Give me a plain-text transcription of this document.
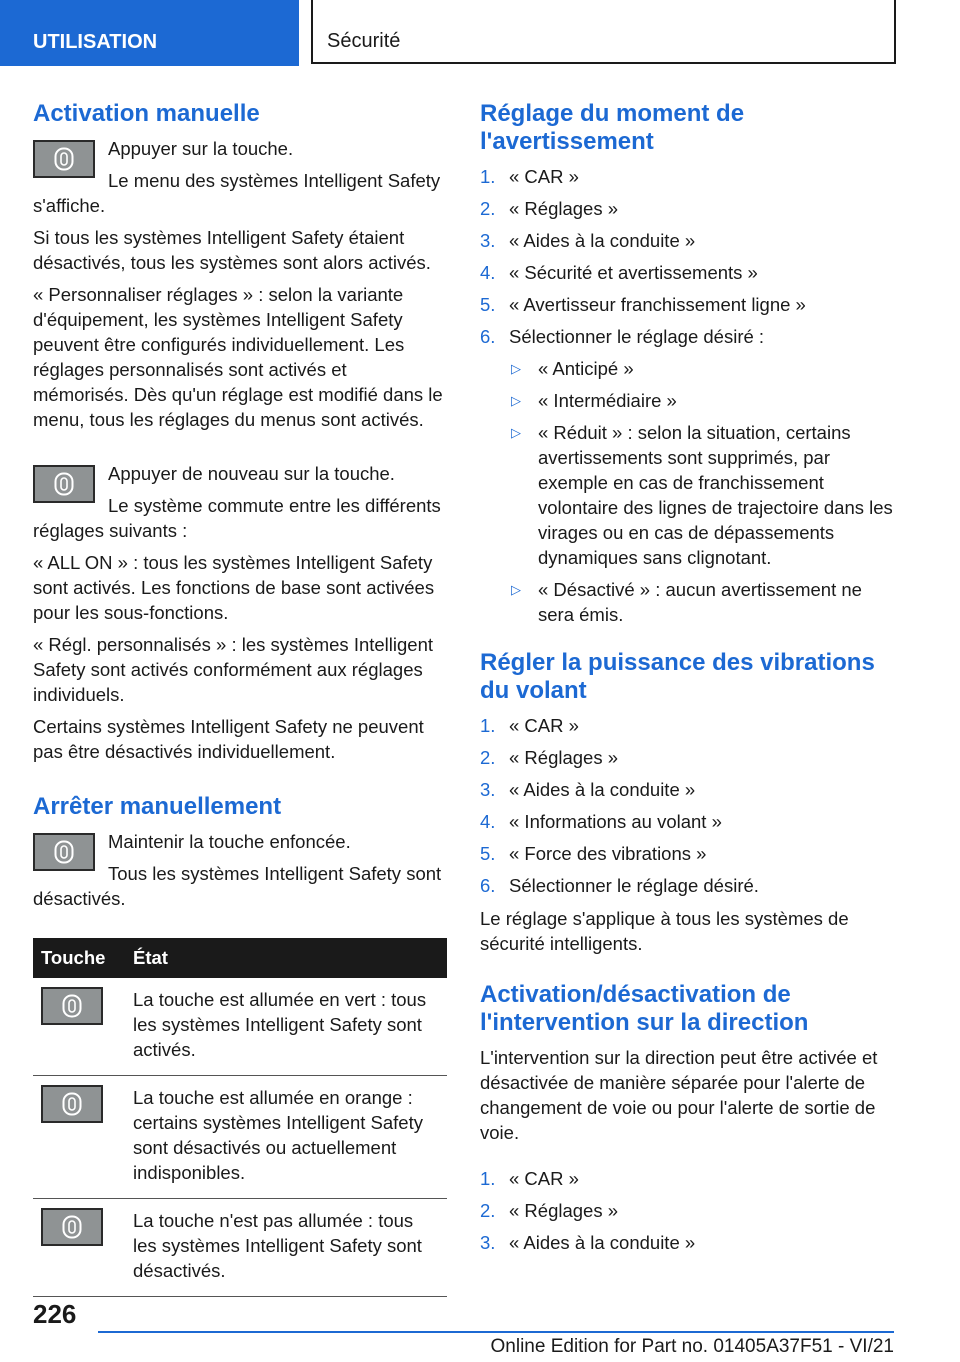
UTILISATION	Sécurité
Activation manuelle

Appuyer sur la touche.

Le menu des systèmes Intelligent Safety s'affiche.

Si tous les systèmes Intelligent Safety étaient désactivés, tous les systèmes sont alors activés.

« Personnaliser réglages » : selon la variante d'équipement, les systèmes Intelligent Safety peuvent être configurés individuellement. Les réglages personnalisés sont activés et mémorisés. Dès qu'un réglage est modifié dans le menu, tous les réglages du menus sont activés.

Appuyer de nouveau sur la touche.

Le système commute entre les différents réglages suivants :

« ALL ON » : tous les systèmes Intelligent Safety sont activés. Les fonctions de base sont activées pour les sous-fonctions.

« Régl. personnalisés » : les systèmes Intelligent Safety sont activés conformément aux réglages individuels.

Certains systèmes Intelligent Safety ne peuvent pas être désactivés individuellement.

Arrêter manuellement

Maintenir la touche enfoncée.

Tous les systèmes Intelligent Safety sont désactivés.

Touche	État

	La touche est allumée en vert : tous les systèmes Intelligent Safety sont activés.

	La touche est allumée en orange : certains systèmes Intelligent Safety sont désactivés ou actuellement indisponibles.

	La touche n'est pas allumée : tous les systèmes Intelligent Safety sont désactivés.
Réglage du moment de l'avertissement
1. « CAR »
2. « Réglages »
3. « Aides à la conduite »
4. « Sécurité et avertissements »
5. « Avertisseur franchissement ligne »
6. Sélectionner le réglage désiré :
▷ « Anticipé »
▷ « Intermédiaire »
▷ « Réduit » : selon la situation, certains avertissements sont supprimés, par exemple en cas de franchissement volontaire des lignes de trajectoire dans les virages ou en cas de dépassements dynamiques sans clignotant.
▷ « Désactivé » : aucun avertissement ne sera émis.
Régler la puissance des vibrations du volant
1. « CAR »
2. « Réglages »
3. « Aides à la conduite »
4. « Informations au volant »
5. « Force des vibrations »
6. Sélectionner le réglage désiré.

Le réglage s'applique à tous les systèmes de sécurité intelligents.

Activation/désactivation de l'intervention sur la direction

L'intervention sur la direction peut être activée et désactivée de manière séparée pour l'alerte de changement de voie ou pour l'alerte de sortie de voie.

1. « CAR »
2. « Réglages »
3. « Aides à la conduite »
226
Online Edition for Part no. 01405A37F51 - VI/21
